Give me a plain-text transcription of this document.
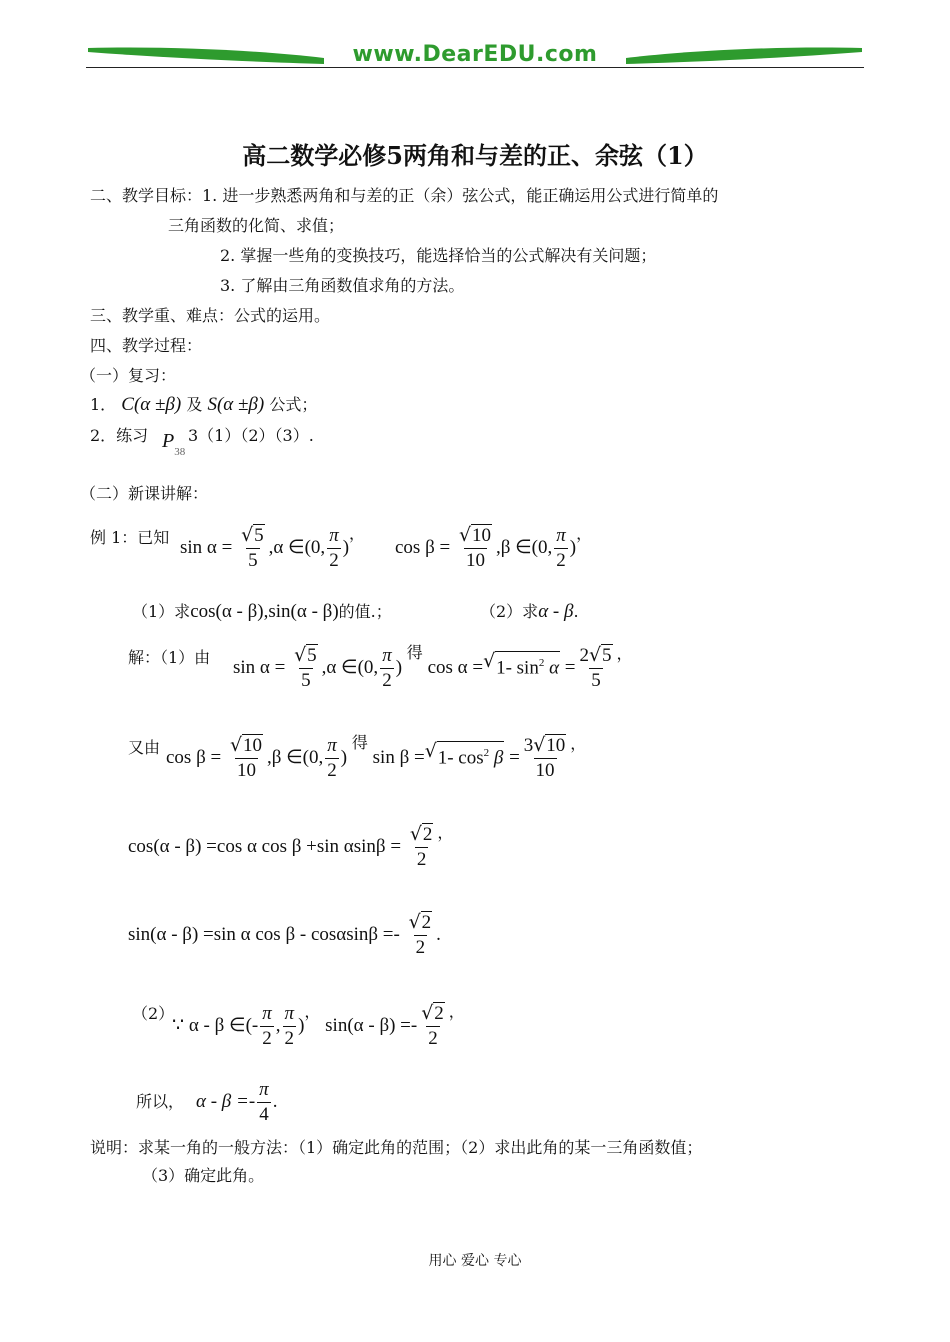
www.DearEDU.com
高二数学必修5两角和与差的正、余弦（1）
二、教学目标：1. 进一步熟悉两角和与差的正（余）弦公式，能正确运用公式进行简单的
三角函数的化简、求值；
2. 掌握一些角的变换技巧，能选择恰当的公式解决有关问题；
3. 了解由三角函数值求角的方法。
三、教学重、难点：公式的运用。
四、教学过程：
（一）复习：
1． C(α ±β) 及 S(α ±β) 公式；
2．练习 $P_{38}$
3（1）（2）（3）.
（二）新课讲解：
例 1：已知 sin α = √ $\frac{5}{5} ,\alpha$ ∈(0, $\frac{\pi}{2} )^,$
cos β = √ $\frac{10}{10} ,\beta$ ∈(0, $\frac{\pi}{2} )^,$
（1）求cos(α - β),sin(α - β)的值.；	（2）求α - β.
解：（1）由 sin α = √ $\frac{5}{5} ,\alpha$ ∈(0, $\frac{\pi}{2}$ ) $^得$ cos α = √ 1- $\sin^2 \alpha = \frac{2 √ 5}{5} ^,$
又由 cos β = √ $\frac{10}{10} ,\beta$ ∈(0, $\frac{\pi}{2}$ ) $^得$ sin β = √ 1- $\cos^2 \beta = \frac{3 √ 10}{10} ^,$
cos(α - β) =cos α cos β +sin αsinβ = √ $\frac{2}{2} ^,$
sin(α - β) =sin α cos β - cosαsinβ =- √ $\frac{2}{2}$ .
（2）
∵ α - β ∈(- $\frac{\pi}{2}$ , $\frac{\pi}{2} )^,$ sin(α - β) =- √ $\frac{2}{2} ^,$
所以， $\alpha - \beta =- \frac{\pi}{4}$ .
说明：求某一角的一般方法：（1）确定此角的范围；（2）求出此角的某一三角函数值；
（3）确定此角。
用心 爱心 专心
